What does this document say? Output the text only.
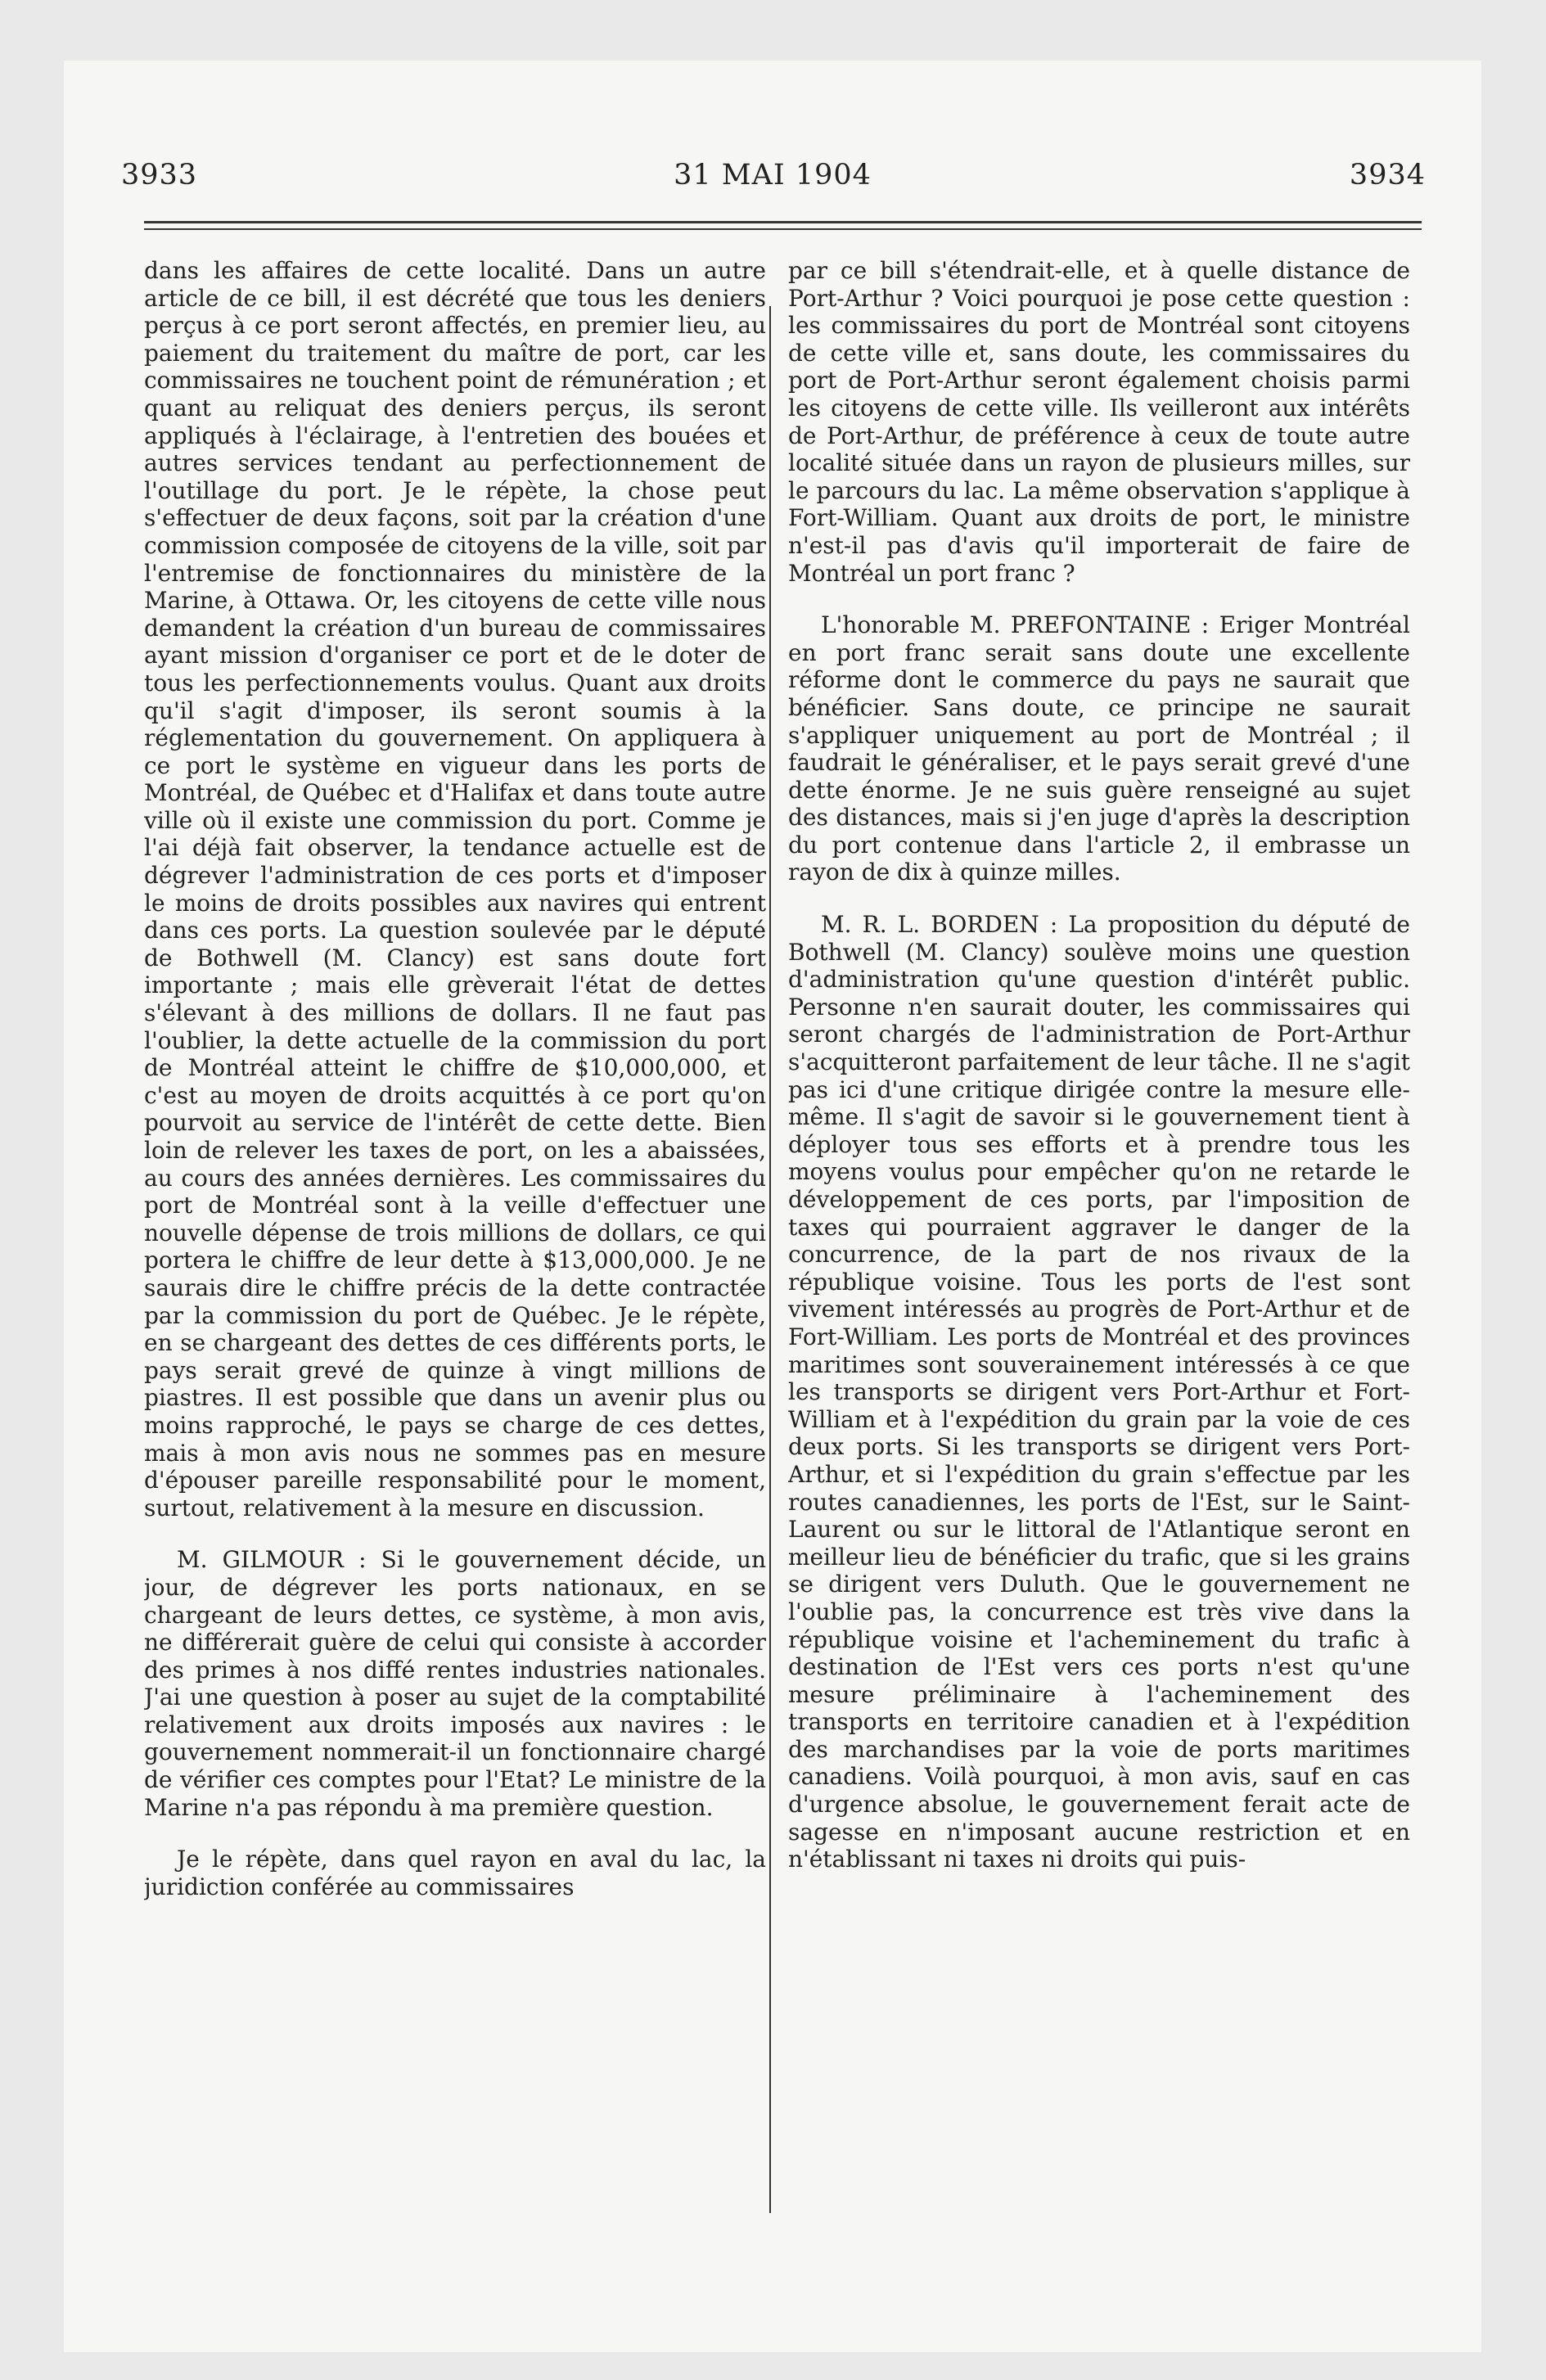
31 MAI 1904
3933	3934

dans les affaires de cette localité. Dans un autre article de ce bill, il est décrété que tous les deniers perçus à ce port seront affectés, en premier lieu, au paiement du traitement du maître de port, car les commissaires ne touchent point de rémunération ; et quant au reliquat des deniers perçus, ils seront appliqués à l'éclairage, à l'entretien des bouées et autres services tendant au perfectionnement de l'outillage du port. Je le répète, la chose peut s'effectuer de deux façons, soit par la création d'une commission composée de citoyens de la ville, soit par l'entremise de fonctionnaires du ministère de la Marine, à Ottawa. Or, les citoyens de cette ville nous demandent la création d'un bureau de commissaires ayant mission d'organiser ce port et de le doter de tous les perfectionnements voulus. Quant aux droits qu'il s'agit d'imposer, ils seront soumis à la réglementation du gouvernement. On appliquera à ce port le système en vigueur dans les ports de Montréal, de Québec et d'Halifax et dans toute autre ville où il existe une commission du port. Comme je l'ai déjà fait observer, la tendance actuelle est de dégrever l'administration de ces ports et d'imposer le moins de droits possibles aux navires qui entrent dans ces ports. La question soulevée par le député de Bothwell (M. Clancy) est sans doute fort importante ; mais elle grèverait l'état de dettes s'élevant à des millions de dollars. Il ne faut pas l'oublier, la dette actuelle de la commission du port de Montréal atteint le chiffre de $10,000,000, et c'est au moyen de droits acquittés à ce port qu'on pourvoit au service de l'intérêt de cette dette. Bien loin de relever les taxes de port, on les a abaissées, au cours des années dernières. Les commissaires du port de Montréal sont à la veille d'effectuer une nouvelle dépense de trois millions de dollars, ce qui portera le chiffre de leur dette à $13,000,000. Je ne saurais dire le chiffre précis de la dette contractée par la commission du port de Québec. Je le répète, en se chargeant des dettes de ces différents ports, le pays serait grevé de quinze à vingt millions de piastres. Il est possible que dans un avenir plus ou moins rapproché, le pays se charge de ces dettes, mais à mon avis nous ne sommes pas en mesure d'épouser pareille responsabilité pour le moment, surtout, relativement à la mesure en discussion.

M. GILMOUR : Si le gouvernement décide, un jour, de dégrever les ports nationaux, en se chargeant de leurs dettes, ce système, à mon avis, ne différerait guère de celui qui consiste à accorder des primes à nos diffé rentes industries nationales. J'ai une question à poser au sujet de la comptabilité relativement aux droits imposés aux navires : le gouvernement nommerait-il un fonctionnaire chargé de vérifier ces comptes pour l'Etat? Le ministre de la Marine n'a pas répondu à ma première question.

Je le répète, dans quel rayon en aval du lac, la juridiction conférée au commissaires

par ce bill s'étendrait-elle, et à quelle distance de Port-Arthur ? Voici pourquoi je pose cette question : les commissaires du port de Montréal sont citoyens de cette ville et, sans doute, les commissaires du port de Port-Arthur seront également choisis parmi les citoyens de cette ville. Ils veilleront aux intérêts de Port-Arthur, de préférence à ceux de toute autre localité située dans un rayon de plusieurs milles, sur le parcours du lac. La même observation s'applique à Fort-William. Quant aux droits de port, le ministre n'est-il pas d'avis qu'il importerait de faire de Montréal un port franc ?

L'honorable M. PREFONTAINE : Eriger Montréal en port franc serait sans doute une excellente réforme dont le commerce du pays ne saurait que bénéficier. Sans doute, ce principe ne saurait s'appliquer uniquement au port de Montréal ; il faudrait le généraliser, et le pays serait grevé d'une dette énorme. Je ne suis guère renseigné au sujet des distances, mais si j'en juge d'après la description du port contenue dans l'article 2, il embrasse un rayon de dix à quinze milles.

M. R. L. BORDEN : La proposition du député de Bothwell (M. Clancy) soulève moins une question d'administration qu'une question d'intérêt public. Personne n'en saurait douter, les commissaires qui seront chargés de l'administration de Port-Arthur s'acquitteront parfaitement de leur tâche. Il ne s'agit pas ici d'une critique dirigée contre la mesure elle-même. Il s'agit de savoir si le gouvernement tient à déployer tous ses efforts et à prendre tous les moyens voulus pour empêcher qu'on ne retarde le développement de ces ports, par l'imposition de taxes qui pourraient aggraver le danger de la concurrence, de la part de nos rivaux de la république voisine. Tous les ports de l'est sont vivement intéressés au progrès de Port-Arthur et de Fort-William. Les ports de Montréal et des provinces maritimes sont souverainement intéressés à ce que les transports se dirigent vers Port-Arthur et Fort-William et à l'expédition du grain par la voie de ces deux ports. Si les transports se dirigent vers Port-Arthur, et si l'expédition du grain s'effectue par les routes canadiennes, les ports de l'Est, sur le Saint-Laurent ou sur le littoral de l'Atlantique seront en meilleur lieu de bénéficier du trafic, que si les grains se dirigent vers Duluth. Que le gouvernement ne l'oublie pas, la concurrence est très vive dans la république voisine et l'acheminement du trafic à destination de l'Est vers ces ports n'est qu'une mesure préliminaire à l'acheminement des transports en territoire canadien et à l'expédition des marchandises par la voie de ports maritimes canadiens. Voilà pourquoi, à mon avis, sauf en cas d'urgence absolue, le gouvernement ferait acte de sagesse en n'imposant aucune restriction et en n'établissant ni taxes ni droits qui puis-
